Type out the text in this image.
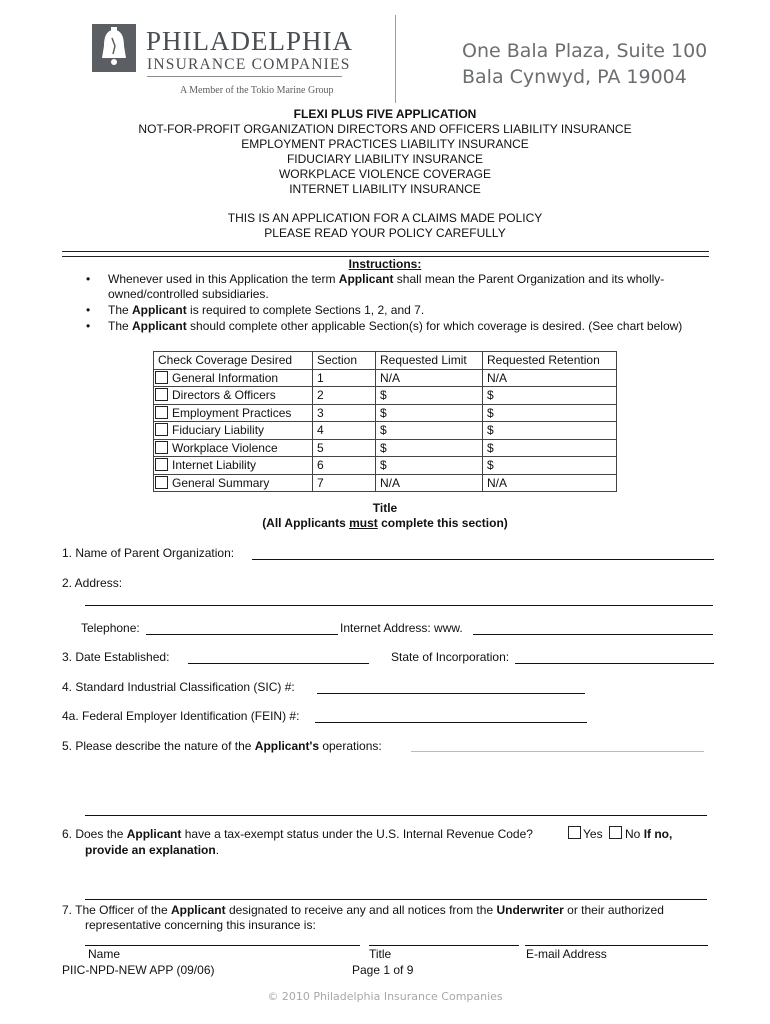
PHILADELPHIA
INSURANCE COMPANIES
A Member of the Tokio Marine Group
One Bala Plaza, Suite 100
Bala Cynwyd, PA 19004
FLEXI PLUS FIVE APPLICATION
NOT-FOR-PROFIT ORGANIZATION DIRECTORS AND OFFICERS LIABILITY INSURANCE
EMPLOYMENT PRACTICES LIABILITY INSURANCE
FIDUCIARY LIABILITY INSURANCE
WORKPLACE VIOLENCE COVERAGE
INTERNET LIABILITY INSURANCE
THIS IS AN APPLICATION FOR A CLAIMS MADE POLICY
PLEASE READ YOUR POLICY CAREFULLY
Instructions:
• Whenever used in this Application the term Applicant shall mean the Parent Organization and its wholly-owned/controlled subsidiaries.
• The Applicant is required to complete Sections 1, 2, and 7.
• The Applicant should complete other applicable Section(s) for which coverage is desired. (See chart below)
Check Coverage Desired	Section	Requested Limit	Requested Retention
General Information	1	N/A	N/A
Directors & Officers	2	$	$
Employment Practices	3	$	$
Fiduciary Liability	4	$	$
Workplace Violence	5	$	$
Internet Liability	6	$	$
General Summary	7	N/A	N/A
Title
(All Applicants must complete this section)
1. Name of Parent Organization:
2. Address:
Telephone:	Internet Address: www.
3. Date Established:	State of Incorporation:
4. Standard Industrial Classification (SIC) #:
4a. Federal Employer Identification (FEIN) #:
5. Please describe the nature of the Applicant's operations:
6. Does the Applicant have a tax-exempt status under the U.S. Internal Revenue Code?	Yes No If no,
provide an explanation.
7. The Officer of the Applicant designated to receive any and all notices from the Underwriter or their authorized
representative concerning this insurance is:
Name	Title	E-mail Address
PIIC-NPD-NEW APP (09/06)	Page 1 of 9
© 2010 Philadelphia Insurance Companies
